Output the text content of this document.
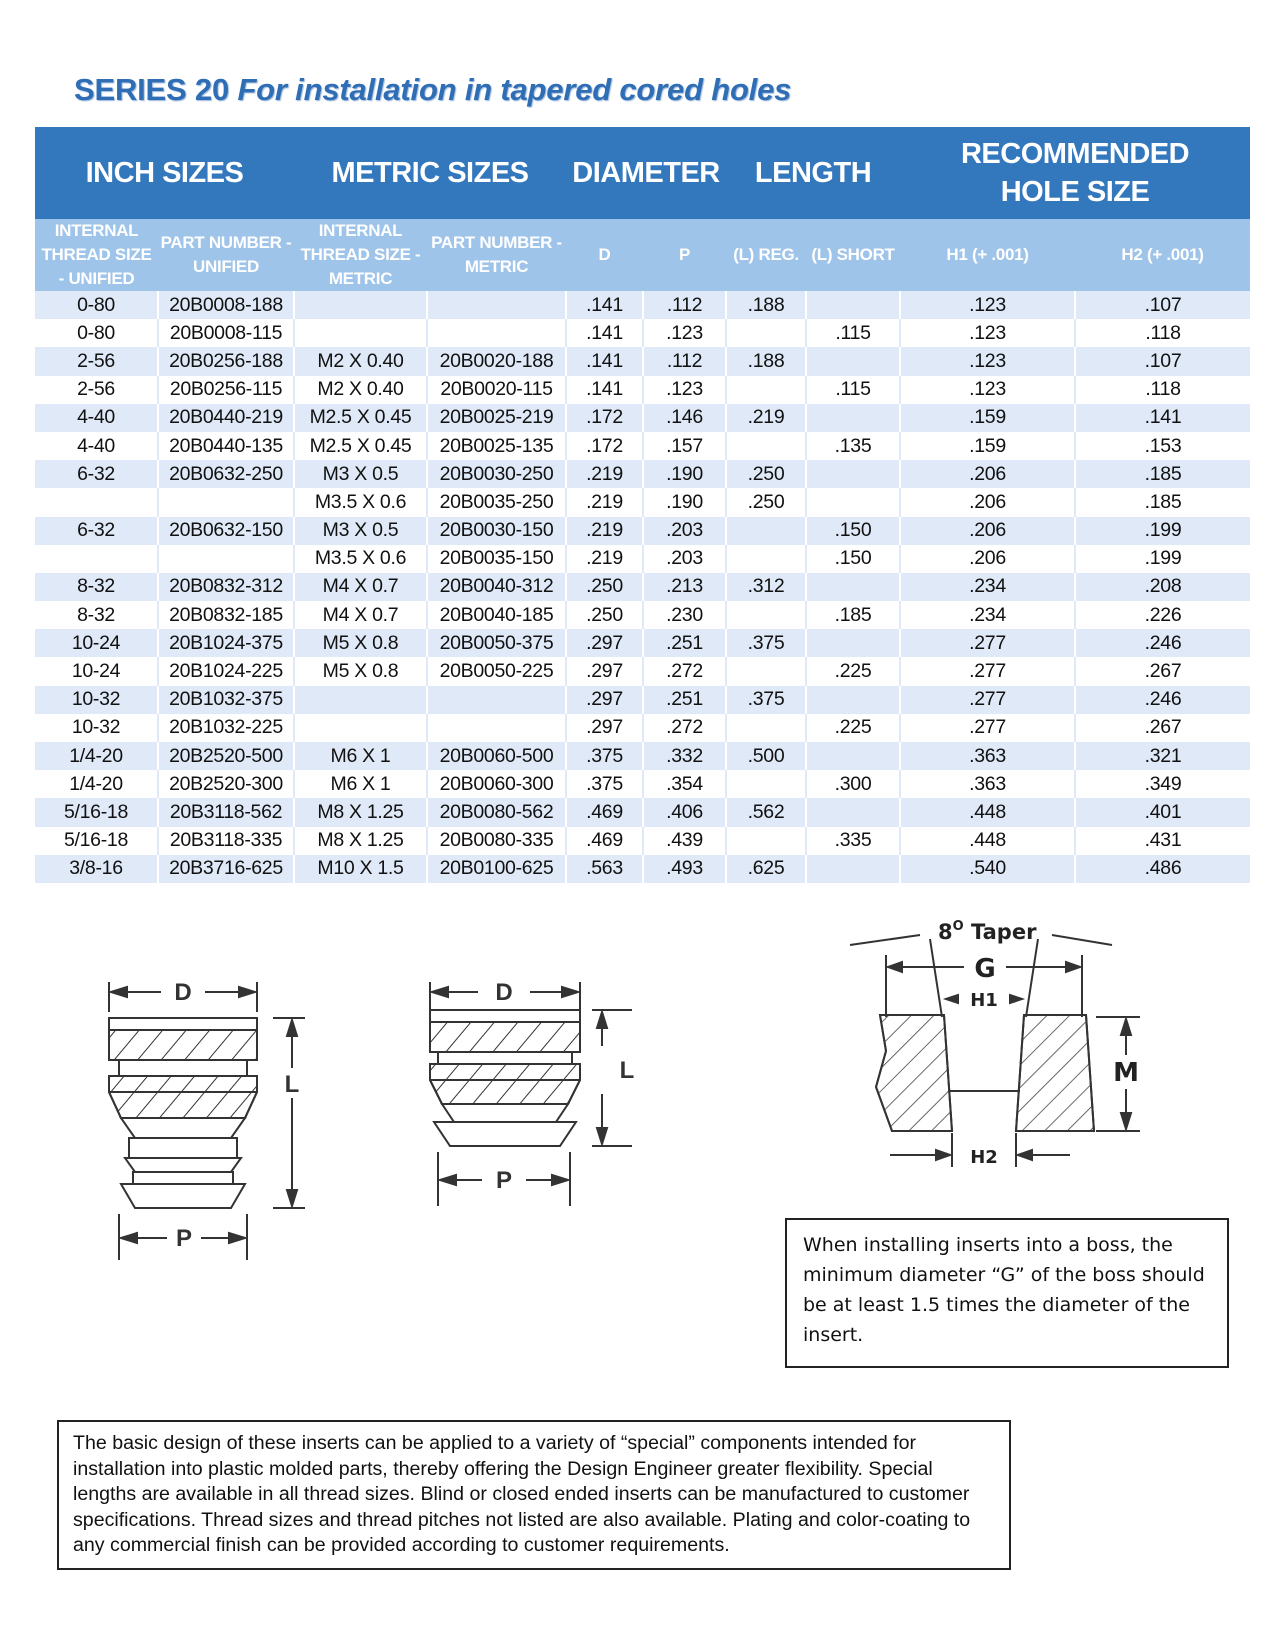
SERIES 20 For installation in tapered cored holes
INCH SIZES		METRIC SIZES		DIAMETER		LENGTH		RECOMMENDED HOLE SIZE	
INTERNAL THREAD SIZE - UNIFIED	PART NUMBER - UNIFIED	INTERNAL THREAD SIZE - METRIC	PART NUMBER - METRIC	D	P	(L) REG.	(L) SHORT	H1 (+ .001)	H2 (+ .001)
0-80	20B0008-188			.141	.112	.188		.123	.107
0-80	20B0008-115			.141	.123		.115	.123	.118
2-56	20B0256-188	M2 X 0.40	20B0020-188	.141	.112	.188		.123	.107
2-56	20B0256-115	M2 X 0.40	20B0020-115	.141	.123		.115	.123	.118
4-40	20B0440-219	M2.5 X 0.45	20B0025-219	.172	.146	.219		.159	.141
4-40	20B0440-135	M2.5 X 0.45	20B0025-135	.172	.157		.135	.159	.153
6-32	20B0632-250	M3 X 0.5	20B0030-250	.219	.190	.250		.206	.185
		M3.5 X 0.6	20B0035-250	.219	.190	.250		.206	.185
6-32	20B0632-150	M3 X 0.5	20B0030-150	.219	.203		.150	.206	.199
		M3.5 X 0.6	20B0035-150	.219	.203		.150	.206	.199
8-32	20B0832-312	M4 X 0.7	20B0040-312	.250	.213	.312		.234	.208
8-32	20B0832-185	M4 X 0.7	20B0040-185	.250	.230		.185	.234	.226
10-24	20B1024-375	M5 X 0.8	20B0050-375	.297	.251	.375		.277	.246
10-24	20B1024-225	M5 X 0.8	20B0050-225	.297	.272		.225	.277	.267
10-32	20B1032-375			.297	.251	.375		.277	.246
10-32	20B1032-225			.297	.272		.225	.277	.267
1/4-20	20B2520-500	M6 X 1	20B0060-500	.375	.332	.500		.363	.321
1/4-20	20B2520-300	M6 X 1	20B0060-300	.375	.354		.300	.363	.349
5/16-18	20B3118-562	M8 X 1.25	20B0080-562	.469	.406	.562		.448	.401
5/16-18	20B3118-335	M8 X 1.25	20B0080-335	.469	.439		.335	.448	.431
3/8-16	20B3716-625	M10 X 1.5	20B0100-625	.563	.493	.625		.540	.486
D
L
P
D
L
P
$8^O$ Taper
G
H1
M
H2
When installing inserts into a boss, the minimum diameter “G” of the boss should be at least 1.5 times the diameter of the insert.
The basic design of these inserts can be applied to a variety of “special” components intended for installation into plastic molded parts, thereby offering the Design Engineer greater flexibility. Special lengths are available in all thread sizes. Blind or closed ended inserts can be manufactured to customer specifications. Thread sizes and thread pitches not listed are also available. Plating and color-coating to any commercial finish can be provided according to customer requirements.
